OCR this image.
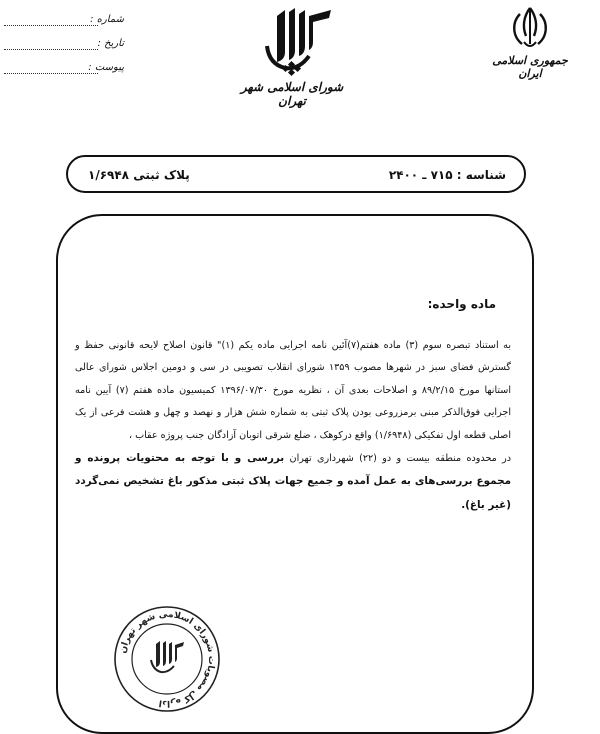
شماره :
تاریخ :
پیوست :
جمهوری اسلامی ایران
شورای اسلامی شهر تهران
شناسه : ۷۱۵ ـ ۲۴۰۰
پلاک ثبتی ۱/۶۹۴۸
ماده واحده:

به استناد تبصره سوم (۳) ماده هفتم(۷)آئین نامه اجرایی ماده یکم (۱)" قانون اصلاح لایحه قانونی حفظ و گسترش فضای سبز در شهرها مصوب ۱۳۵۹ شورای انقلاب تصویبی در سی و دومین اجلاس شورای عالی استانها مورخ ۸۹/۲/۱۵ و اصلاحات بعدی آن ، نظریه مورخ ۱۳۹۶/۰۷/۳۰ کمیسیون ماده هفتم (۷) آیین نامه اجرایی فوق‌الذکر مبنی برمزروعی بودن پلاک ثبتی به شماره شش هزار و نهصد و چهل و هشت فرعی از یک اصلی قطعه اول تفکیکی (۱/۶۹۴۸) واقع درکوهک ، ضلع شرقی اتوبان آزادگان جنب پروژه عقاب ،

در محدوده منطقه بیست و دو (۲۲) شهرداری تهران بررسی و با توجه به محتویات پرونده و مجموع بررسی‌های به عمل آمده و جمیع جهات پلاک ثبتی مذکور باغ تشخیص نمی‌گردد (غیر باغ).

اداره کل مصوبات شورای اسلامی شهر تهران
